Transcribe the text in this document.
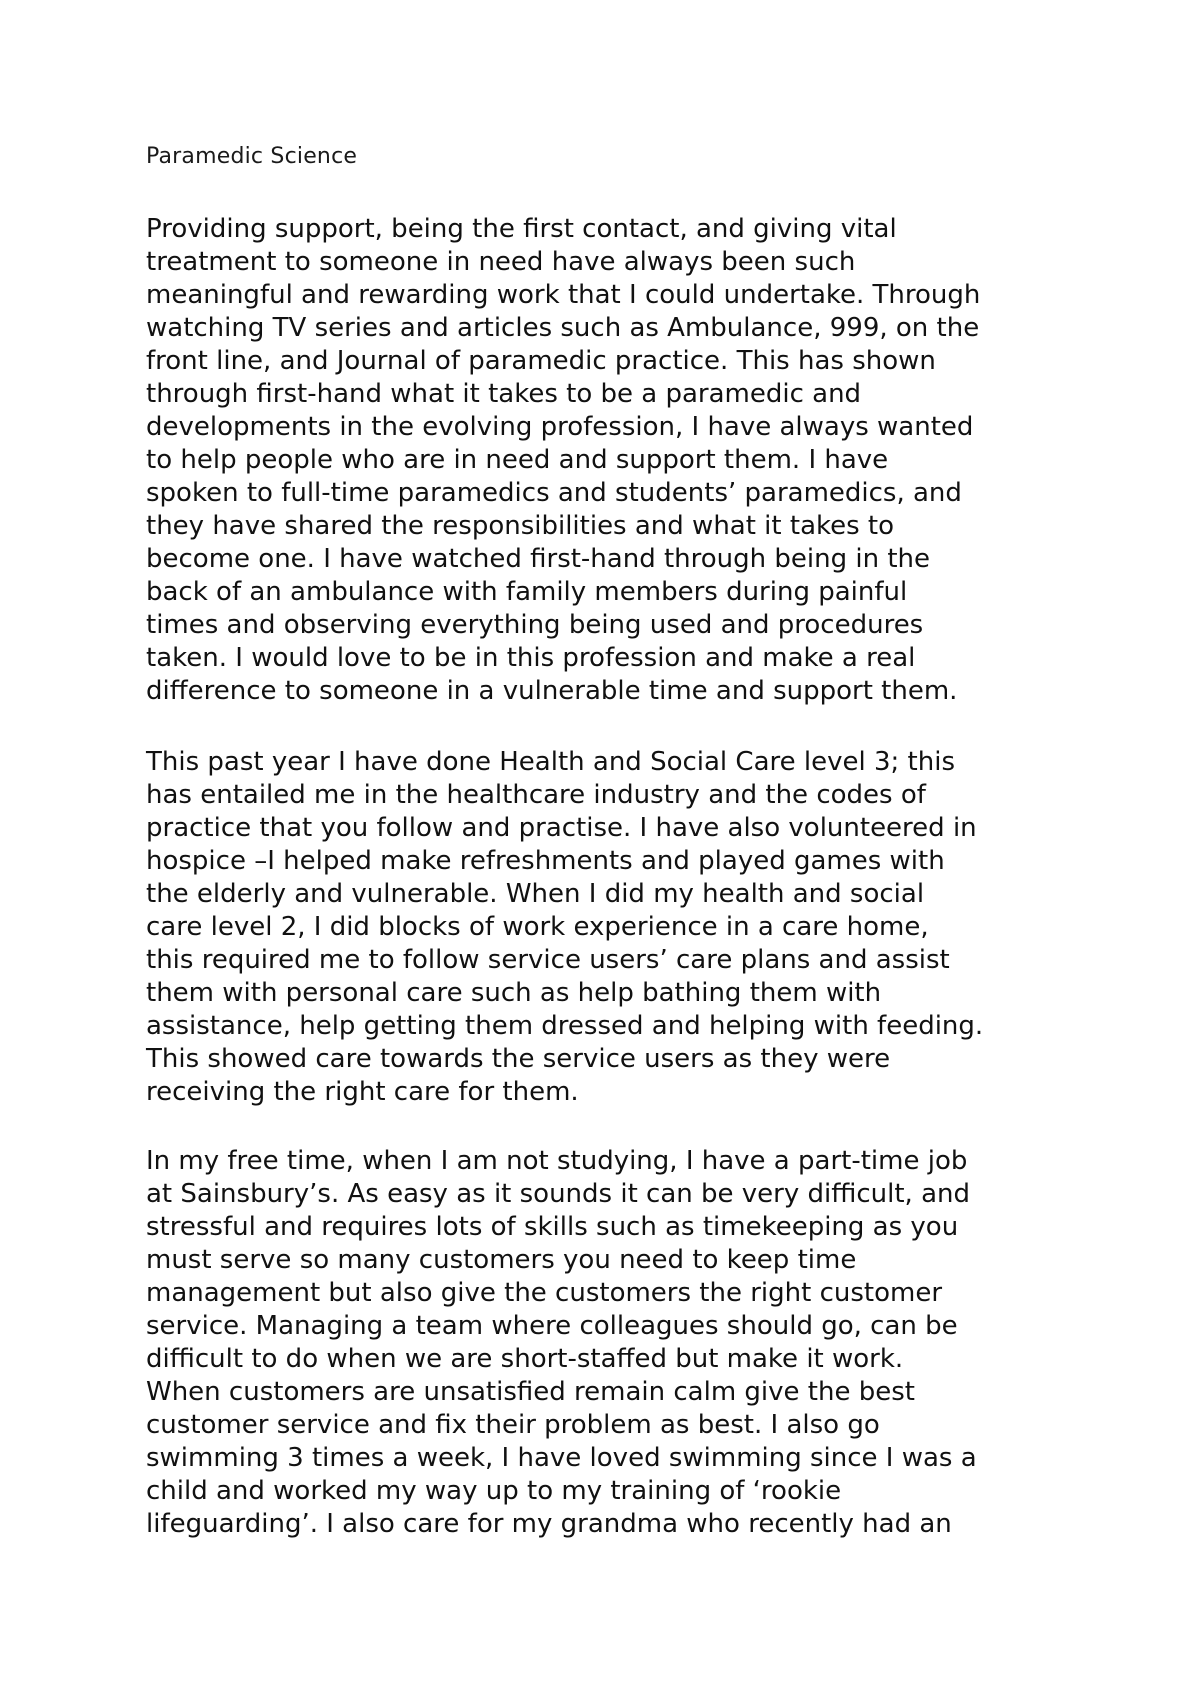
Paramedic Science
Providing support, being the first contact, and giving vital
treatment to someone in need have always been such
meaningful and rewarding work that I could undertake. Through
watching TV series and articles such as Ambulance, 999, on the
front line, and Journal of paramedic practice. This has shown
through first-hand what it takes to be a paramedic and
developments in the evolving profession, I have always wanted
to help people who are in need and support them. I have
spoken to full-time paramedics and students’ paramedics, and
they have shared the responsibilities and what it takes to
become one. I have watched first-hand through being in the
back of an ambulance with family members during painful
times and observing everything being used and procedures
taken. I would love to be in this profession and make a real
difference to someone in a vulnerable time and support them.
This past year I have done Health and Social Care level 3; this
has entailed me in the healthcare industry and the codes of
practice that you follow and practise. I have also volunteered in
hospice –I helped make refreshments and played games with
the elderly and vulnerable. When I did my health and social
care level 2, I did blocks of work experience in a care home,
this required me to follow service users’ care plans and assist
them with personal care such as help bathing them with
assistance, help getting them dressed and helping with feeding.
This showed care towards the service users as they were
receiving the right care for them.
In my free time, when I am not studying, I have a part-time job
at Sainsbury’s. As easy as it sounds it can be very difficult, and
stressful and requires lots of skills such as timekeeping as you
must serve so many customers you need to keep time
management but also give the customers the right customer
service. Managing a team where colleagues should go, can be
difficult to do when we are short-staffed but make it work.
When customers are unsatisfied remain calm give the best
customer service and fix their problem as best. I also go
swimming 3 times a week, I have loved swimming since I was a
child and worked my way up to my training of ‘rookie
lifeguarding’. I also care for my grandma who recently had an
